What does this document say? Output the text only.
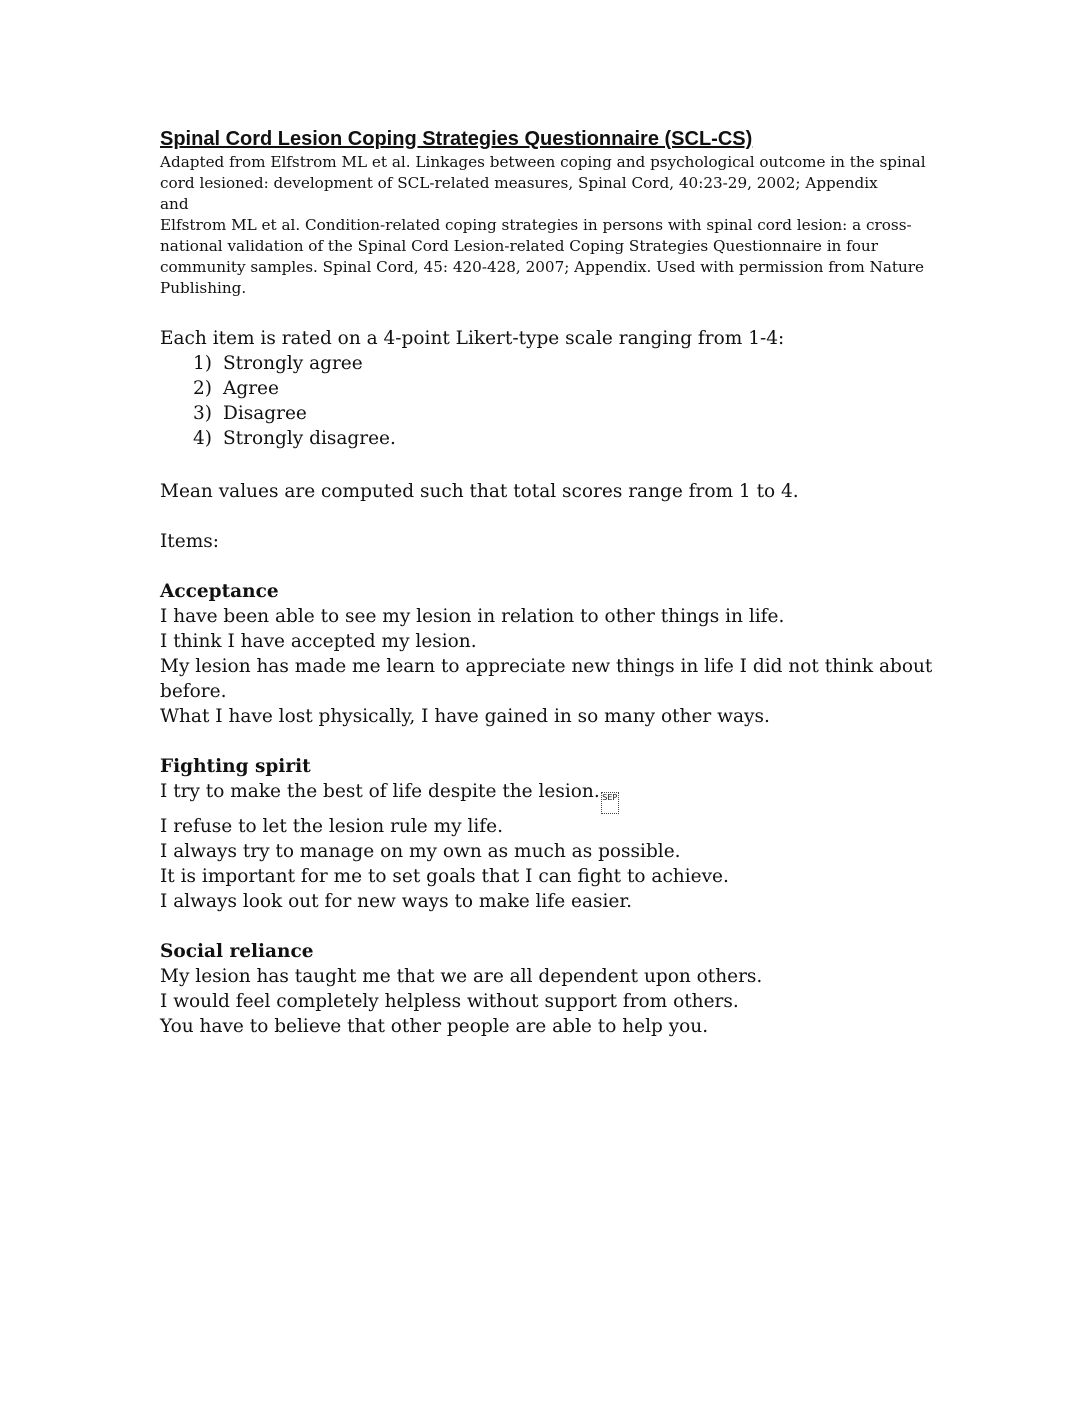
Spinal Cord Lesion Coping Strategies Questionnaire (SCL-CS)
Adapted from Elfstrom ML et al. Linkages between coping and psychological outcome in the spinal
cord lesioned: development of SCL-related measures, Spinal Cord, 40:23-29, 2002; Appendix
and
Elfstrom ML et al. Condition-related coping strategies in persons with spinal cord lesion: a cross-
national validation of the Spinal Cord Lesion-related Coping Strategies Questionnaire in four
community samples. Spinal Cord, 45: 420-428, 2007; Appendix. Used with permission from Nature
Publishing.
Each item is rated on a 4-point Likert-type scale ranging from 1-4:
1) Strongly agree
2) Agree
3) Disagree
4) Strongly disagree.
Mean values are computed such that total scores range from 1 to 4.
Items:
Acceptance
I have been able to see my lesion in relation to other things in life.
I think I have accepted my lesion.
My lesion has made me learn to appreciate new things in life I did not think about
before.
What I have lost physically, I have gained in so many other ways.
Fighting spirit
I try to make the best of life despite the lesion. SEP
I refuse to let the lesion rule my life.
I always try to manage on my own as much as possible.
It is important for me to set goals that I can fight to achieve.
I always look out for new ways to make life easier.
Social reliance
My lesion has taught me that we are all dependent upon others.
I would feel completely helpless without support from others.
You have to believe that other people are able to help you.
